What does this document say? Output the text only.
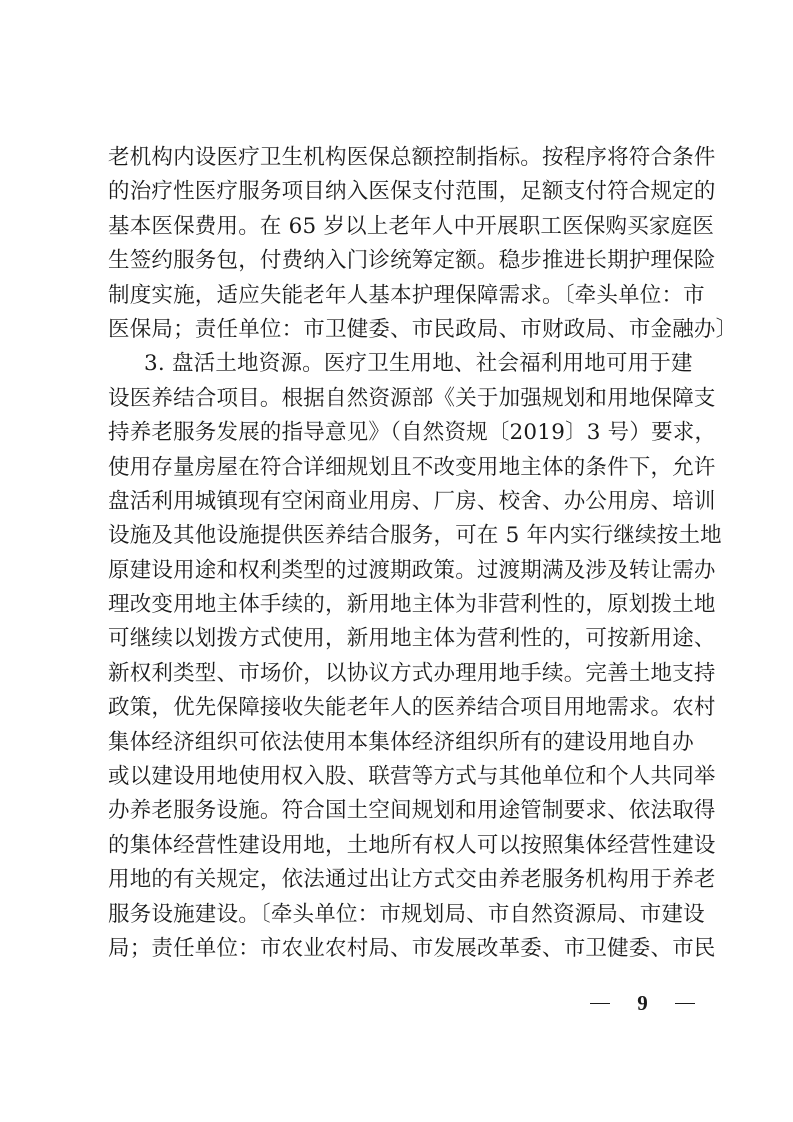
老机构内设医疗卫生机构医保总额控制指标。按程序将符合条件
的治疗性医疗服务项目纳入医保支付范围，足额支付符合规定的
基本医保费用。在 65 岁以上老年人中开展职工医保购买家庭医
生签约服务包，付费纳入门诊统筹定额。稳步推进长期护理保险
制度实施，适应失能老年人基本护理保障需求。〔牵头单位：市
医保局；责任单位：市卫健委、市民政局、市财政局、市金融办〕
3. 盘活土地资源。医疗卫生用地、社会福利用地可用于建
设医养结合项目。根据自然资源部《关于加强规划和用地保障支
持养老服务发展的指导意见》（自然资规〔2019〕3 号）要求，
使用存量房屋在符合详细规划且不改变用地主体的条件下，允许
盘活利用城镇现有空闲商业用房、厂房、校舍、办公用房、培训
设施及其他设施提供医养结合服务，可在 5 年内实行继续按土地
原建设用途和权利类型的过渡期政策。过渡期满及涉及转让需办
理改变用地主体手续的，新用地主体为非营利性的，原划拨土地
可继续以划拨方式使用，新用地主体为营利性的，可按新用途、
新权利类型、市场价，以协议方式办理用地手续。完善土地支持
政策，优先保障接收失能老年人的医养结合项目用地需求。农村
集体经济组织可依法使用本集体经济组织所有的建设用地自办
或以建设用地使用权入股、联营等方式与其他单位和个人共同举
办养老服务设施。符合国土空间规划和用途管制要求、依法取得
的集体经营性建设用地，土地所有权人可以按照集体经营性建设
用地的有关规定，依法通过出让方式交由养老服务机构用于养老
服务设施建设。〔牵头单位：市规划局、市自然资源局、市建设
局；责任单位：市农业农村局、市发展改革委、市卫健委、市民
9
